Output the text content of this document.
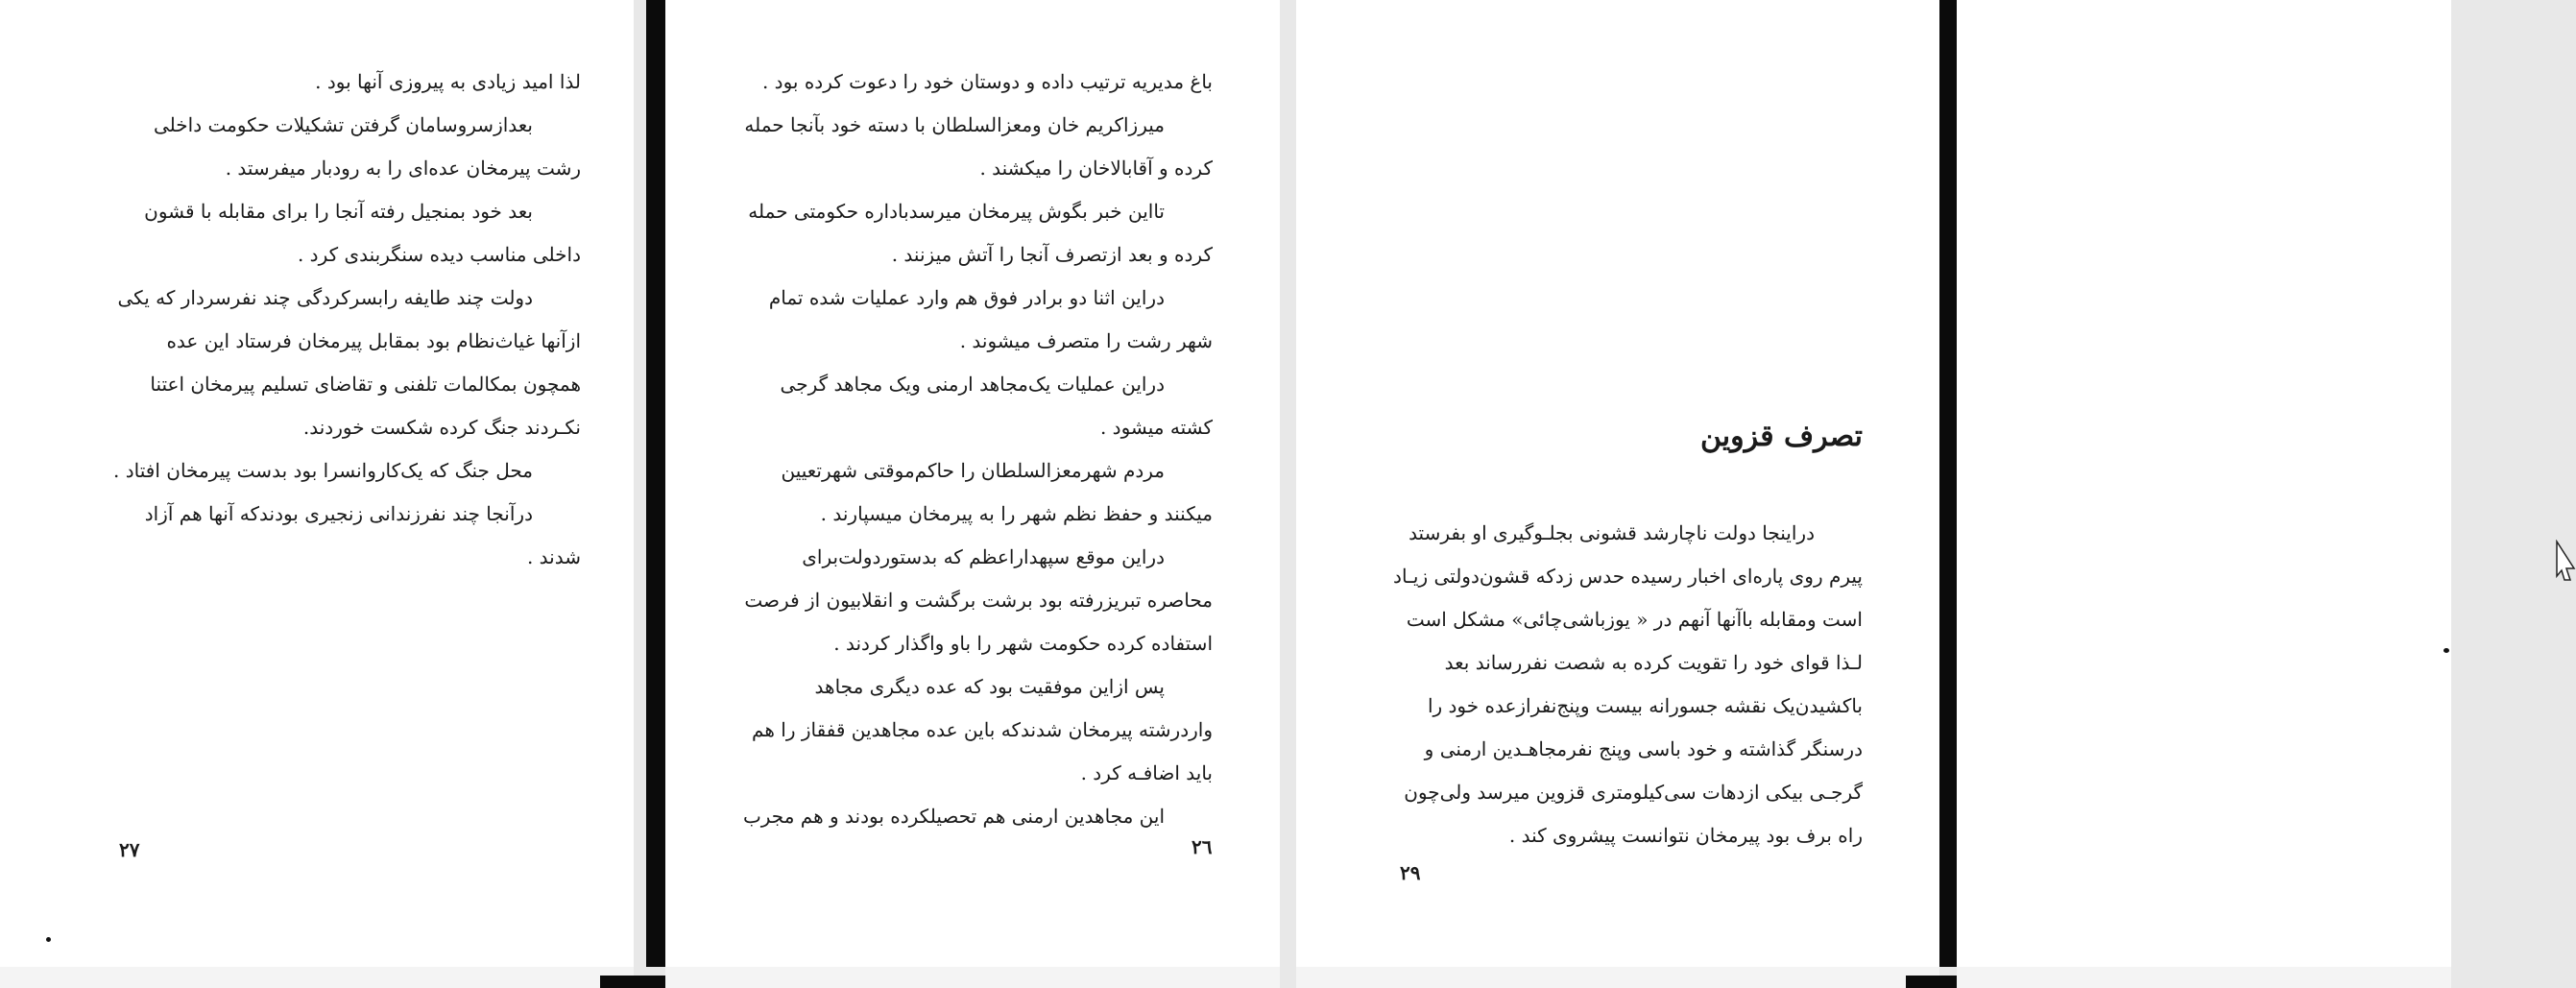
لذا امید زیادی به پیروزی آنها بود .

بعدازسروسامان گرفتن تشکیلات حکومت داخلی رشت پیرمخان عده‌ای را به رودبار میفرستد .

بعد خود بمنجیل رفته آنجا را برای مقابله با قشون داخلی مناسب دیده سنگربندی کرد .

دولت چند طایفه رابسرکردگی چند نفرسردار که یکی ازآنها غیاث‌نظام بود بمقابل پیرمخان فرستاد این عده همچون بمکالمات تلفنی و تقاضای تسلیم پیرمخان اعتنا نکـردند جنگ کرده شکست خوردند.

محل جنگ که یک‌کاروانسرا بود بدست پیرمخان افتاد .

درآنجا چند نفرزندانی زنجیری بودندکه آنها هم آزاد شدند .

٢٧

باغ مدیریه ترتیب داده و دوستان خود را دعوت کرده بود .

میرزاکریم خان ومعزالسلطان با دسته خود بآنجا حمله کرده و آقابالاخان را میکشند .

تااین خبر بگوش پیرمخان میرسدباداره حکومتی حمله کرده و بعد ازتصرف آنجا را آتش میزنند .

دراین اثنا دو برادر فوق هم وارد عملیات شده تمام شهر رشت را متصرف میشوند .

دراین عملیات یک‌مجاهد ارمنی ویک مجاهد گرجی کشته میشود .

مردم شهرمعزالسلطان را حاکم‌موقتی شهرتعیین میکنند و حفظ نظم شهر را به پیرمخان میسپارند .

دراین موقع سپهداراعظم که بدستوردولت‌برای محاصره تبریزرفته بود برشت برگشت و انقلابیون از فرصت استفاده کرده حکومت شهر را باو واگذار کردند .

پس ازاین موفقیت بود که عده دیگری مجاهد واردرشته پیرمخان شدندکه باین عده مجاهدین قفقاز را هم باید اضافـه کرد .

این مجاهدین ارمنی هم تحصیلکرده بودند و هم مجرب

٢٦
تصرف قزوین

دراینجا دولت ناچارشد قشونی بجلـوگیری او بفرستد پیرم روی پاره‌ای اخبار رسیده حدس زدکه قشون‌دولتی زیـاد است ومقابله باآنها آنهم در « یوزباشی‌چائی» مشکل است لـذا قوای خود را تقویت کرده به شصت نفررساند بعد باکشیدن‌یک نقشه جسورانه بیست وپنج‌نفرازعده خود را درسنگر گذاشته و خود باسی وپنج نفرمجاهـدین ارمنی و گرجـی بیکی ازدهات سی‌کیلومتری قزوین میرسد ولی‌چون راه برف بود پیرمخان نتوانست پیشروی کند .

٢٩
